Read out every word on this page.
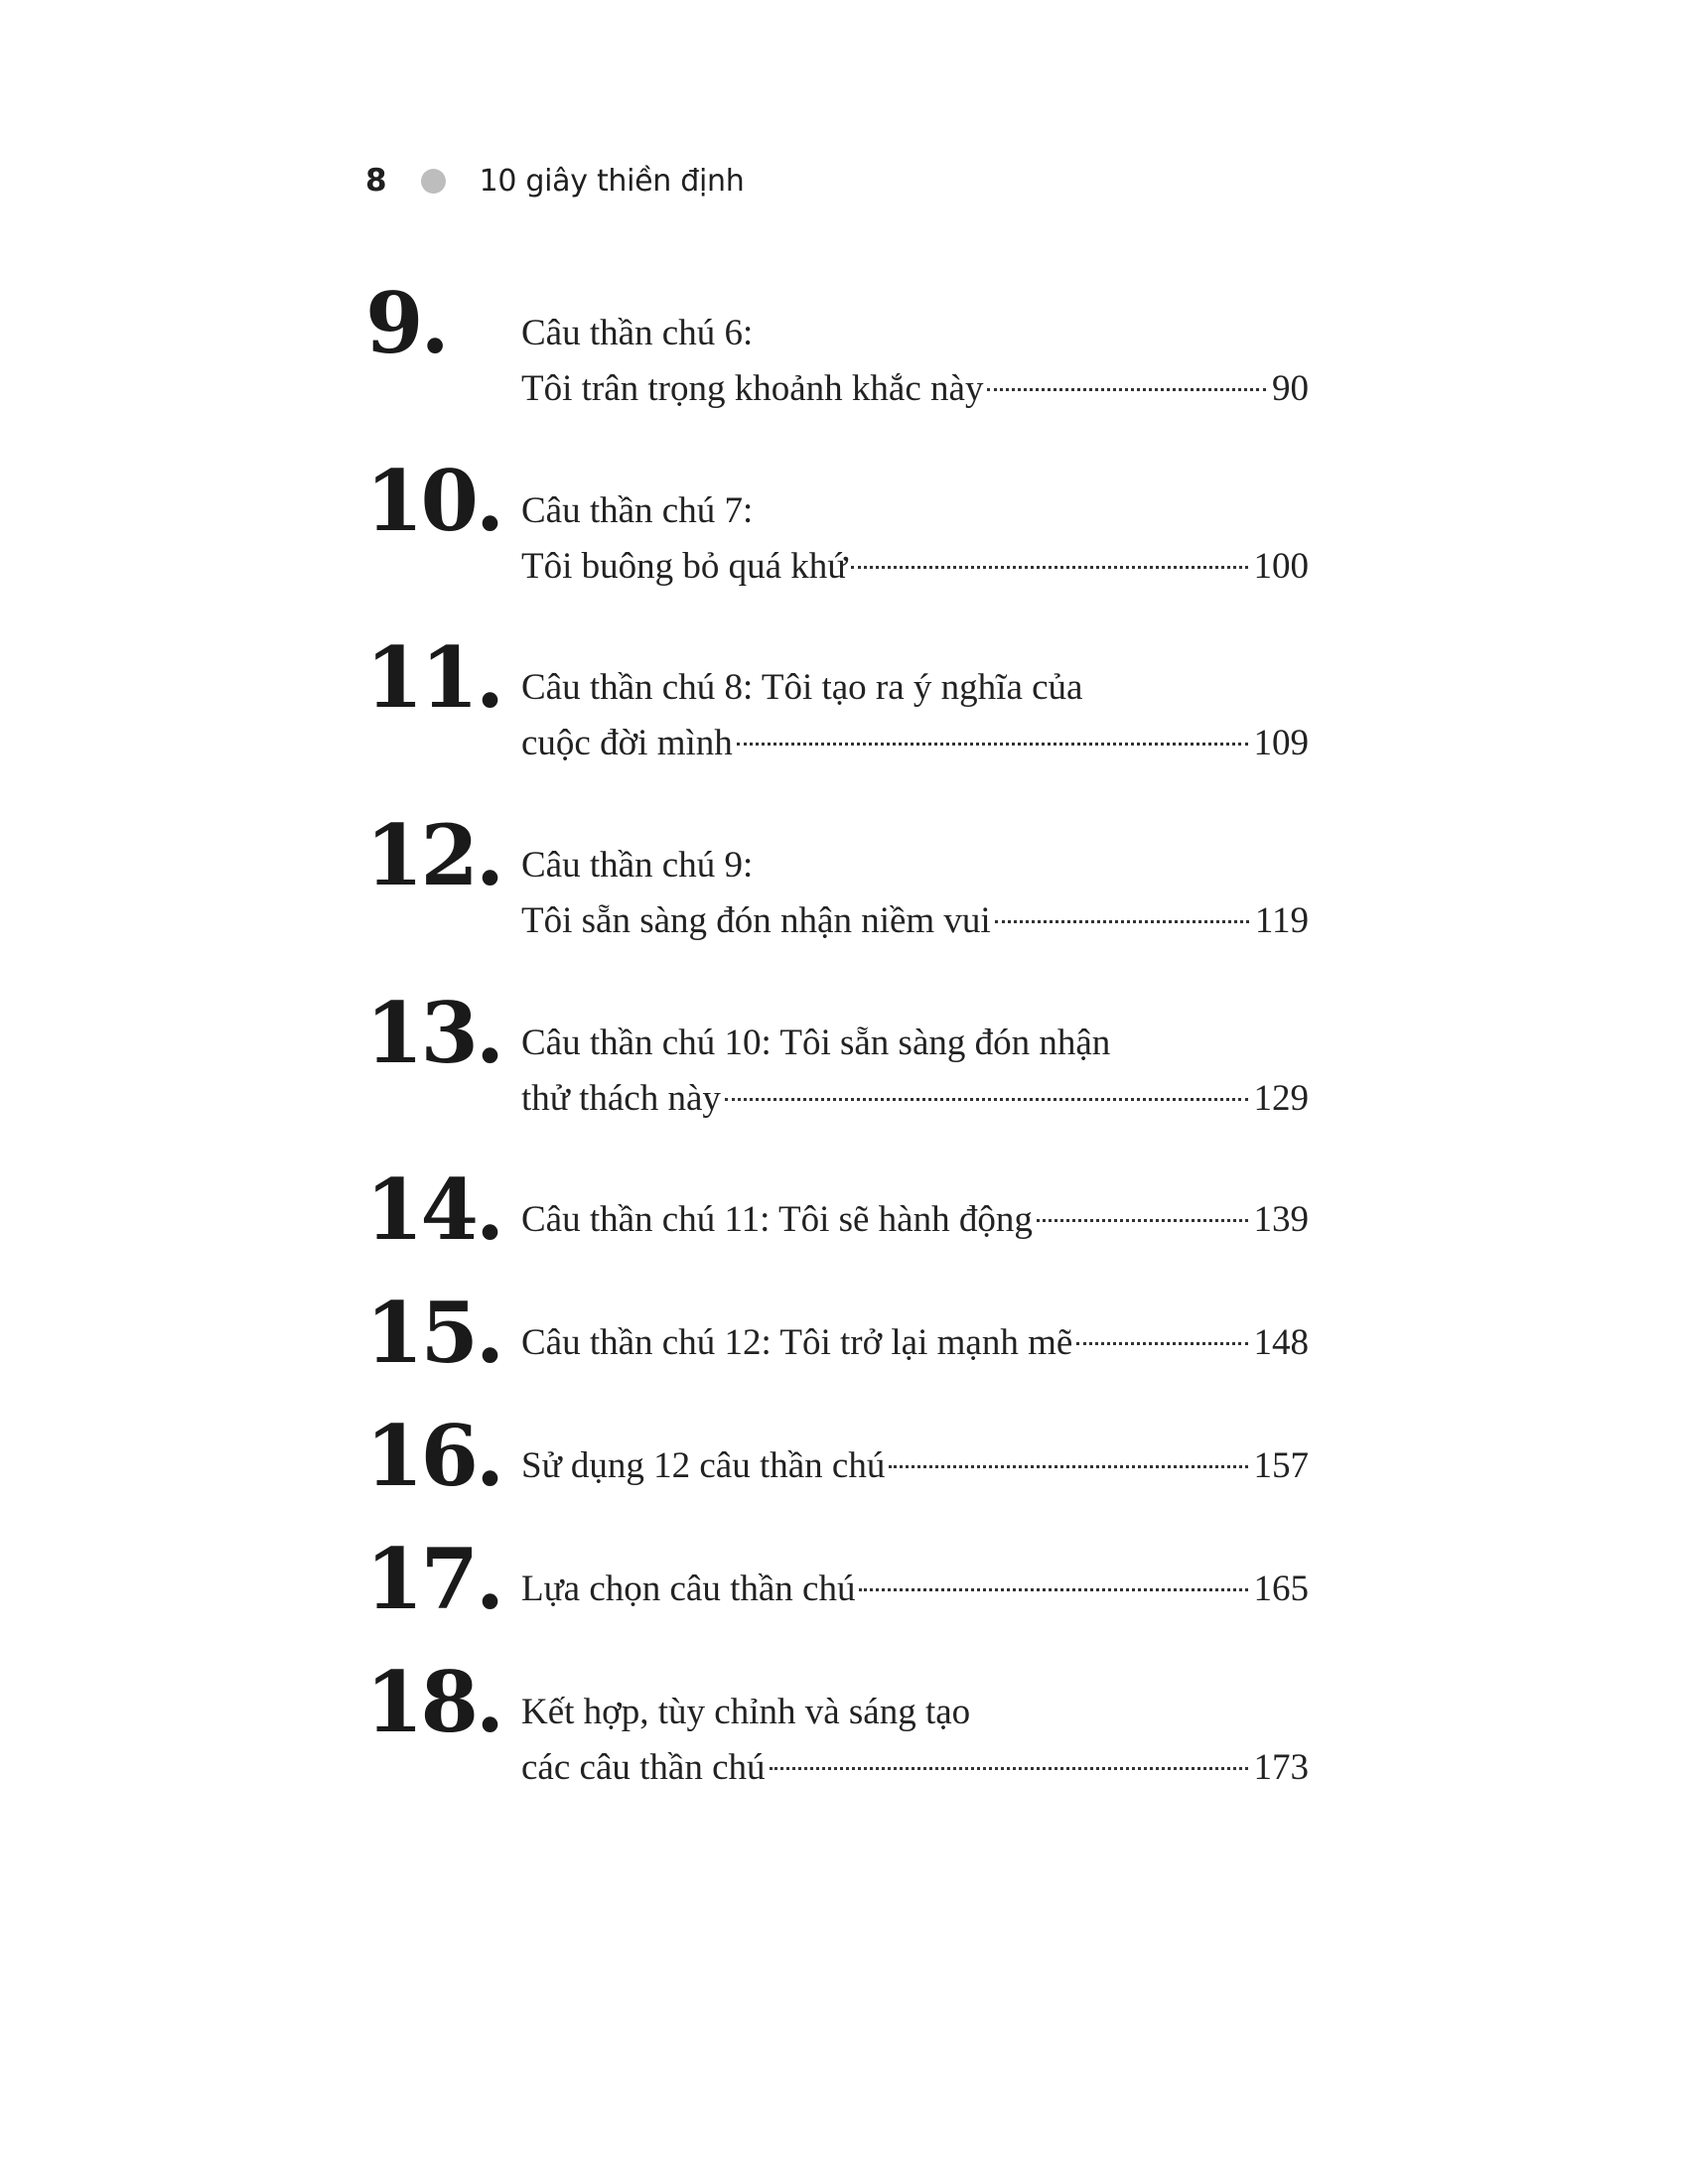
8	10 giây thiền định
9. Câu thần chú 6:
Tôi trân trọng khoảnh khắc này	90
10. Câu thần chú 7:
Tôi buông bỏ quá khứ	100
11. Câu thần chú 8: Tôi tạo ra ý nghĩa của
cuộc đời mình	109
12. Câu thần chú 9:
Tôi sẵn sàng đón nhận niềm vui	119
13. Câu thần chú 10: Tôi sẵn sàng đón nhận
thử thách này	129
14. Câu thần chú 11: Tôi sẽ hành động	139
15. Câu thần chú 12: Tôi trở lại mạnh mẽ	148
16. Sử dụng 12 câu thần chú	157
17. Lựa chọn câu thần chú	165
18. Kết hợp, tùy chỉnh và sáng tạo
các câu thần chú	173
